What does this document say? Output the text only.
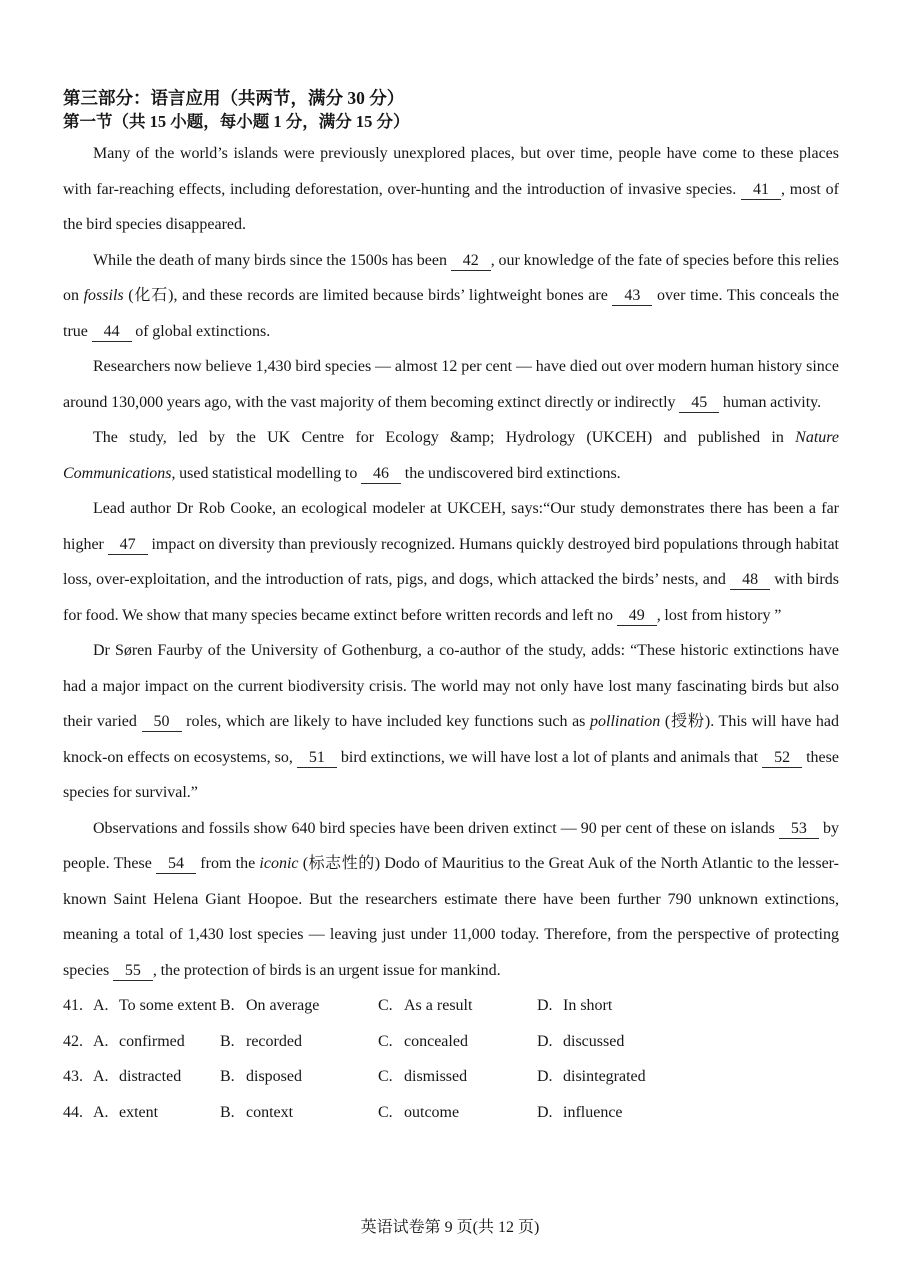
第三部分：语言应用（共两节，满分 30 分）
第一节（共 15 小题，每小题 1 分，满分 15 分）

Many of the world’s islands were previously unexplored places, but over time, people have come to these places with far-reaching effects, including deforestation, over-hunting and the introduction of invasive species. 41 , most of the bird species disappeared.

While the death of many birds since the 1500s has been 42 , our knowledge of the fate of species before this relies on fossils (化石), and these records are limited because birds’ lightweight bones are 43 over time. This conceals the true 44 of global extinctions.

Researchers now believe 1,430 bird species — almost 12 per cent — have died out over modern human history since around 130,000 years ago, with the vast majority of them becoming extinct directly or indirectly 45 human activity.

The study, led by the UK Centre for Ecology &amp; Hydrology (UKCEH) and published in Nature Communications, used statistical modelling to 46 the undiscovered bird extinctions.

Lead author Dr Rob Cooke, an ecological modeler at UKCEH, says:“Our study demonstrates there has been a far higher 47 impact on diversity than previously recognized. Humans quickly destroyed bird populations through habitat loss, over-exploitation, and the introduction of rats, pigs, and dogs, which attacked the birds’ nests, and 48 with birds for food. We show that many species became extinct before written records and left no 49 , lost from history ”

Dr Søren Faurby of the University of Gothenburg, a co-author of the study, adds: “These historic extinctions have had a major impact on the current biodiversity crisis. The world may not only have lost many fascinating birds but also their varied 50 roles, which are likely to have included key functions such as pollination (授粉). This will have had knock-on effects on ecosystems, so, 51 bird extinctions, we will have lost a lot of plants and animals that 52 these species for survival.”

Observations and fossils show 640 bird species have been driven extinct — 90 per cent of these on islands 53 by people. These 54 from the iconic (标志性的) Dodo of Mauritius to the Great Auk of the North Atlantic to the lesser-known Saint Helena Giant Hoopoe. But the researchers estimate there have been further 790 unknown extinctions, meaning a total of 1,430 lost species — leaving just under 11,000 today. Therefore, from the perspective of protecting species 55 , the protection of birds is an urgent issue for mankind.

41. A. To some extent B. On average	C. As a result	D. In short
42. A. confirmed	B. recorded	C. concealed	D. discussed
43. A. distracted	B. disposed	C. dismissed	D. disintegrated
44. A. extent	B. context	C. outcome	D. influence
英语试卷第 9 页(共 12 页)
